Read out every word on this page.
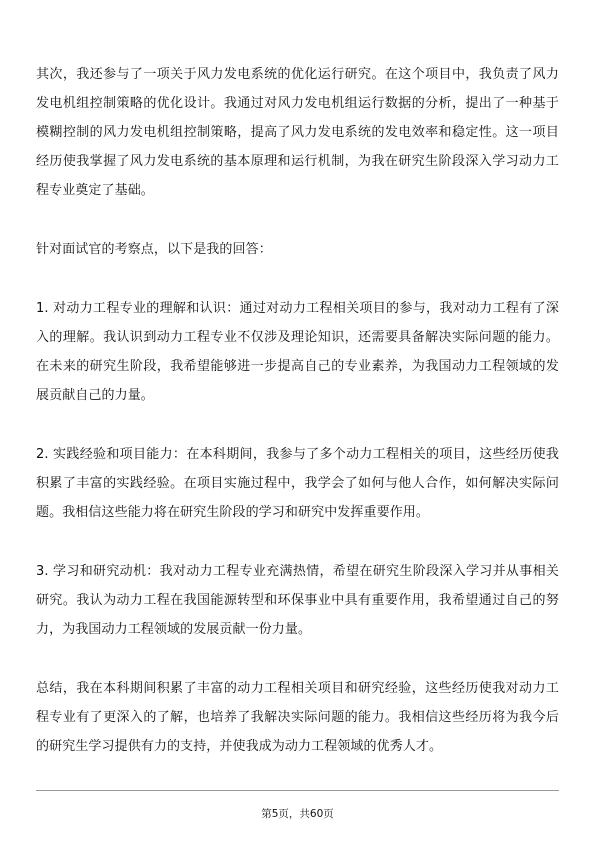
其次，我还参与了一项关于风力发电系统的优化运行研究。在这个项目中，我负责了风力发电机组控制策略的优化设计。我通过对风力发电机组运行数据的分析，提出了一种基于模糊控制的风力发电机组控制策略，提高了风力发电系统的发电效率和稳定性。这一项目经历使我掌握了风力发电系统的基本原理和运行机制，为我在研究生阶段深入学习动力工程专业奠定了基础。

针对面试官的考察点，以下是我的回答：

1. 对动力工程专业的理解和认识：通过对动力工程相关项目的参与，我对动力工程有了深入的理解。我认识到动力工程专业不仅涉及理论知识，还需要具备解决实际问题的能力。在未来的研究生阶段，我希望能够进一步提高自己的专业素养，为我国动力工程领域的发展贡献自己的力量。

2. 实践经验和项目能力：在本科期间，我参与了多个动力工程相关的项目，这些经历使我积累了丰富的实践经验。在项目实施过程中，我学会了如何与他人合作，如何解决实际问题。我相信这些能力将在研究生阶段的学习和研究中发挥重要作用。

3. 学习和研究动机：我对动力工程专业充满热情，希望在研究生阶段深入学习并从事相关研究。我认为动力工程在我国能源转型和环保事业中具有重要作用，我希望通过自己的努力，为我国动力工程领域的发展贡献一份力量。

总结，我在本科期间积累了丰富的动力工程相关项目和研究经验，这些经历使我对动力工程专业有了更深入的了解，也培养了我解决实际问题的能力。我相信这些经历将为我今后的研究生学习提供有力的支持，并使我成为动力工程领域的优秀人才。

第5页，共60页
